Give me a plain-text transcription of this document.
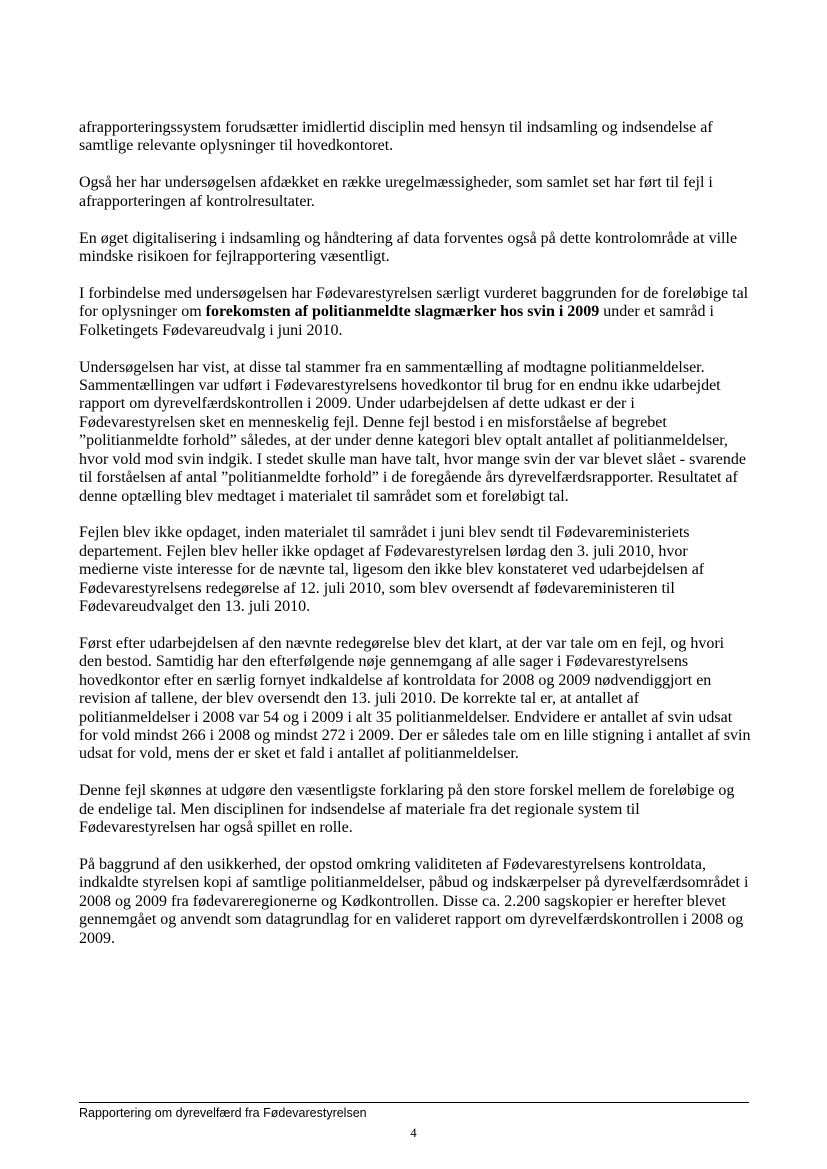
afrapporteringssystem forudsætter imidlertid disciplin med hensyn til indsamling og indsendelse af samtlige relevante oplysninger til hovedkontoret.

Også her har undersøgelsen afdækket en række uregelmæssigheder, som samlet set har ført til fejl i afrapporteringen af kontrolresultater.

En øget digitalisering i indsamling og håndtering af data forventes også på dette kontrolområde at ville mindske risikoen for fejlrapportering væsentligt.

I forbindelse med undersøgelsen har Fødevarestyrelsen særligt vurderet baggrunden for de foreløbige tal for oplysninger om forekomsten af politianmeldte slagmærker hos svin i 2009 under et samråd i Folketingets Fødevareudvalg i juni 2010.

Undersøgelsen har vist, at disse tal stammer fra en sammentælling af modtagne politianmeldelser. Sammentællingen var udført i Fødevarestyrelsens hovedkontor til brug for en endnu ikke udarbejdet rapport om dyrevelfærdskontrollen i 2009. Under udarbejdelsen af dette udkast er der i Fødevarestyrelsen sket en menneskelig fejl. Denne fejl bestod i en misforståelse af begrebet ”politianmeldte forhold” således, at der under denne kategori blev optalt antallet af politianmeldelser, hvor vold mod svin indgik. I stedet skulle man have talt, hvor mange svin der var blevet slået - svarende til forståelsen af antal ”politianmeldte forhold” i de foregående års dyrevelfærdsrapporter. Resultatet af denne optælling blev medtaget i materialet til samrådet som et foreløbigt tal.

Fejlen blev ikke opdaget, inden materialet til samrådet i juni blev sendt til Fødevareministeriets departement. Fejlen blev heller ikke opdaget af Fødevarestyrelsen lørdag den 3. juli 2010, hvor medierne viste interesse for de nævnte tal, ligesom den ikke blev konstateret ved udarbejdelsen af Fødevarestyrelsens redegørelse af 12. juli 2010, som blev oversendt af fødevareministeren til Fødevareudvalget den 13. juli 2010.

Først efter udarbejdelsen af den nævnte redegørelse blev det klart, at der var tale om en fejl, og hvori den bestod. Samtidig har den efterfølgende nøje gennemgang af alle sager i Fødevarestyrelsens hovedkontor efter en særlig fornyet indkaldelse af kontroldata for 2008 og 2009 nødvendiggjort en revision af tallene, der blev oversendt den 13. juli 2010. De korrekte tal er, at antallet af politianmeldelser i 2008 var 54 og i 2009 i alt 35 politianmeldelser. Endvidere er antallet af svin udsat for vold mindst 266 i 2008 og mindst 272 i 2009. Der er således tale om en lille stigning i antallet af svin udsat for vold, mens der er sket et fald i antallet af politianmeldelser.

Denne fejl skønnes at udgøre den væsentligste forklaring på den store forskel mellem de foreløbige og de endelige tal. Men disciplinen for indsendelse af materiale fra det regionale system til Fødevarestyrelsen har også spillet en rolle.

På baggrund af den usikkerhed, der opstod omkring validiteten af Fødevarestyrelsens kontroldata, indkaldte styrelsen kopi af samtlige politianmeldelser, påbud og indskærpelser på dyrevelfærdsområdet i 2008 og 2009 fra fødevareregionerne og Kødkontrollen. Disse ca. 2.200 sagskopier er herefter blevet gennemgået og anvendt som datagrundlag for en valideret rapport om dyrevelfærdskontrollen i 2008 og 2009.

Rapportering om dyrevelfærd fra Fødevarestyrelsen
4
